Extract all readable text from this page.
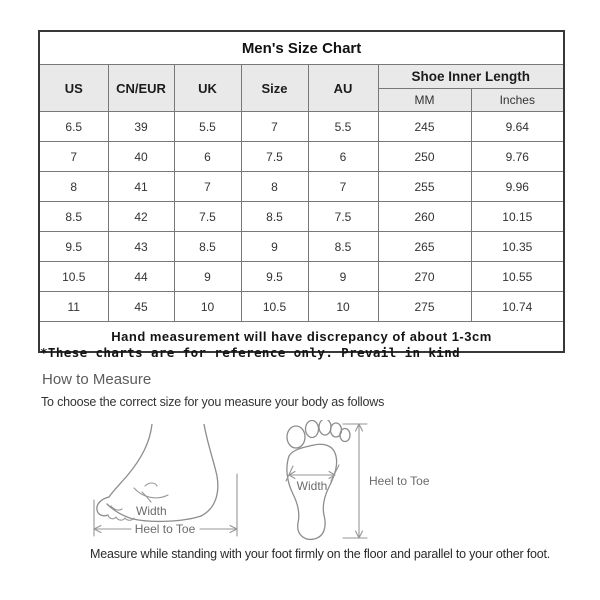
Men's Size Chart						
US	CN/EUR	UK	Size	AU	Shoe Inner Length	
					MM	Inches
6.5	39	5.5	7	5.5	245	9.64
7	40	6	7.5	6	250	9.76
8	41	7	8	7	255	9.96
8.5	42	7.5	8.5	7.5	260	10.15
9.5	43	8.5	9	8.5	265	10.35
10.5	44	9	9.5	9	270	10.55
11	45	10	10.5	10	275	10.74
Hand measurement will have discrepancy of about 1-3cm						
*These charts are for reference only. Prevail in kind
How to Measure
To choose the correct size for you measure your body as follows
Width
Heel to Toe
Width	Heel to Toe
Measure while standing with your foot firmly on the floor and parallel to your other foot.
